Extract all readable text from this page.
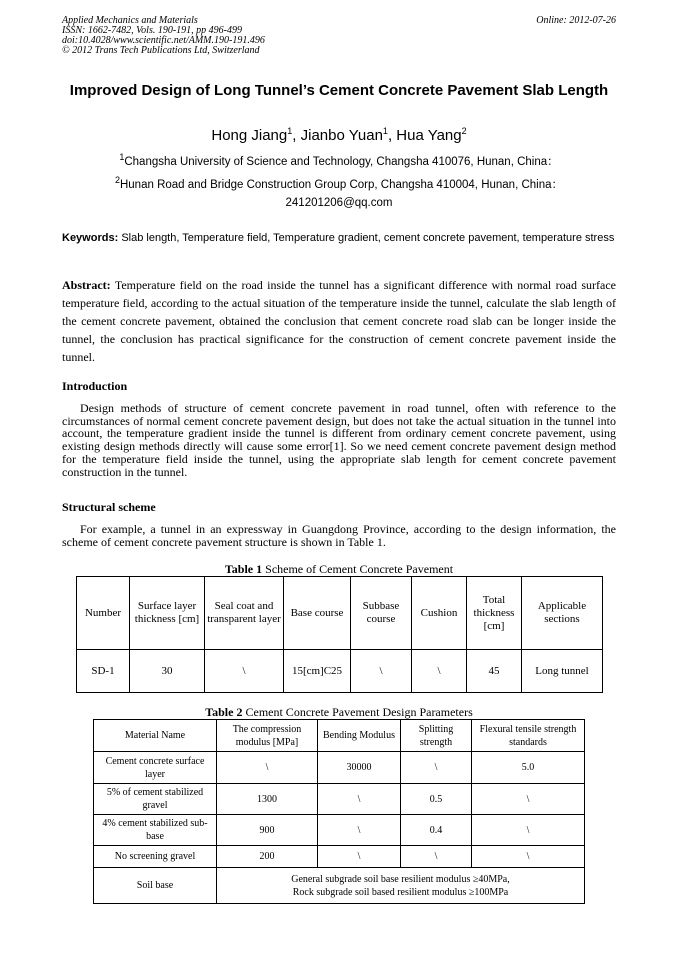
Applied Mechanics and Materials
ISSN: 1662-7482, Vols. 190-191, pp 496-499
doi:10.4028/www.scientific.net/AMM.190-191.496
© 2012 Trans Tech Publications Ltd, Switzerland
Online: 2012-07-26
Improved Design of Long Tunnel’s Cement Concrete Pavement Slab Length
Hong Jiang$^1$, Jianbo Yuan$^1$, Hua Yang$^2$
$^1$Changsha University of Science and Technology, Changsha 410076, Hunan, China：
$^2$Hunan Road and Bridge Construction Group Corp, Changsha 410004, Hunan, China：
241201206@qq.com
Keywords: Slab length, Temperature field, Temperature gradient, cement concrete pavement, temperature stress
Abstract: Temperature field on the road inside the tunnel has a significant difference with normal road surface temperature field, according to the actual situation of the temperature inside the tunnel, calculate the slab length of the cement concrete pavement, obtained the conclusion that cement concrete road slab can be longer inside the tunnel, the conclusion has practical significance for the construction of cement concrete pavement inside the tunnel.
Introduction
Design methods of structure of cement concrete pavement in road tunnel, often with reference to the circumstances of normal cement concrete pavement design, but does not take the actual situation in the tunnel into account, the temperature gradient inside the tunnel is different from ordinary cement concrete pavement, using existing design methods directly will cause some error[1]. So we need cement concrete pavement design method for the temperature field inside the tunnel, using the appropriate slab length for cement concrete pavement construction in the tunnel.
Structural scheme
For example, a tunnel in an expressway in Guangdong Province, according to the design information, the scheme of cement concrete pavement structure is shown in Table 1.
Table 1 Scheme of Cement Concrete Pavement
Number	Surface layer thickness [cm]	Seal coat and transparent layer	Base course	Subbase course	Cushion	Total thickness [cm]	Applicable sections
SD-1	30	\	15[cm]C25	\	\	45	Long tunnel
Table 2 Cement Concrete Pavement Design Parameters
Material Name	The compression modulus [MPa]	Bending Modulus	Splitting strength	Flexural tensile strength standards
Cement concrete surface layer	\	30000	\	5.0
5% of cement stabilized gravel	1300	\	0.5	\
4% cement stabilized sub-base	900	\	0.4	\
No screening gravel	200	\	\	\
Soil base	General subgrade soil base resilient modulus ≥40MPa,
Rock subgrade soil based resilient modulus ≥100MPa			
